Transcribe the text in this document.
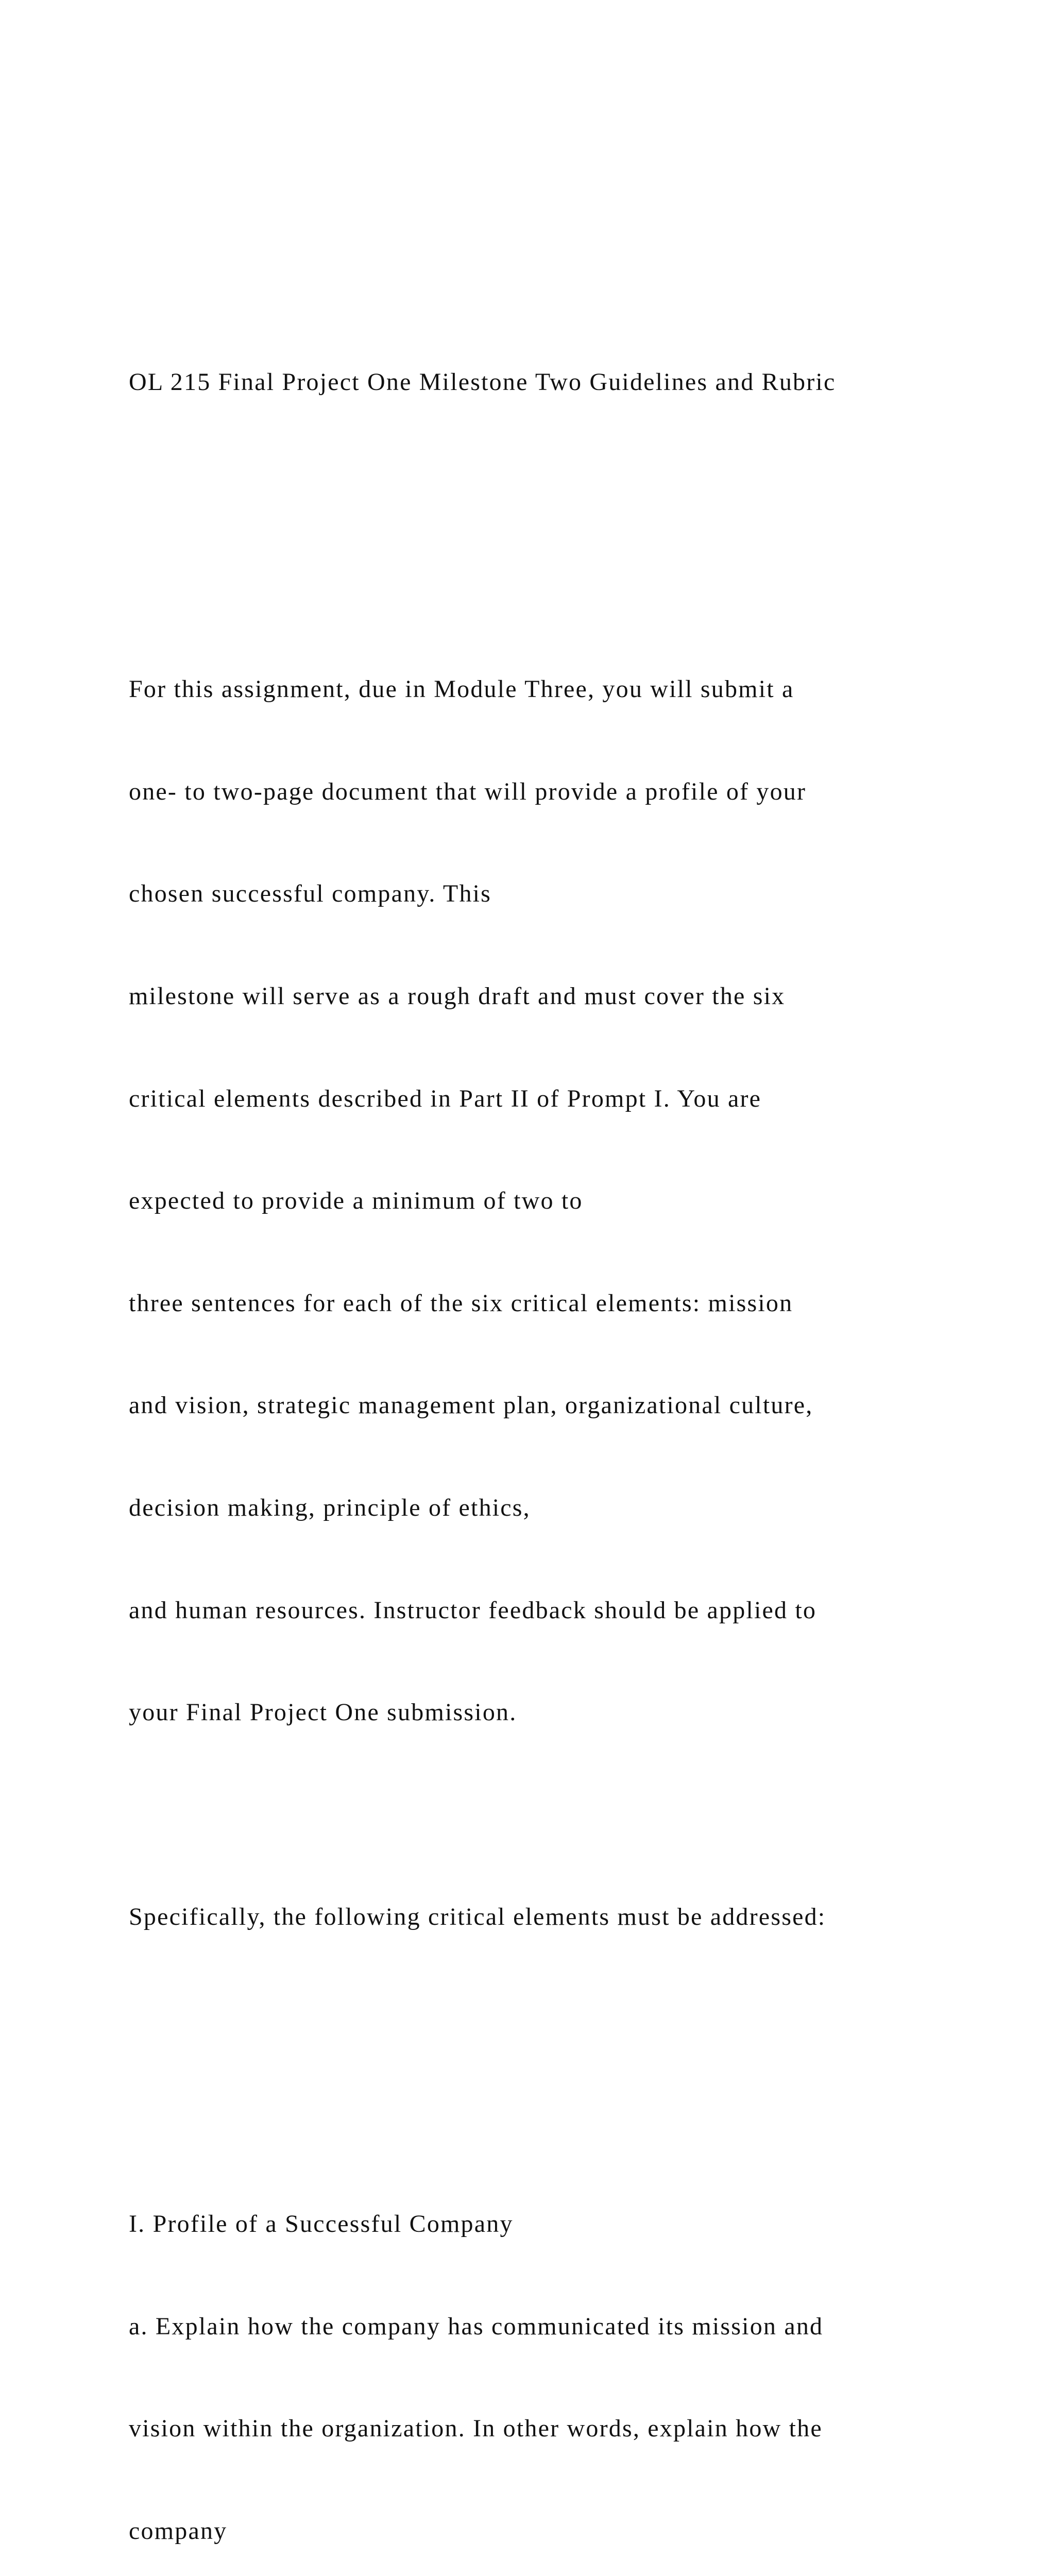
OL 215 Final Project One Milestone Two Guidelines and Rubric

For this assignment, due in Module Three, you will submit a

one- to two-page document that will provide a profile of your

chosen successful company. This

milestone will serve as a rough draft and must cover the six

critical elements described in Part II of Prompt I. You are

expected to provide a minimum of two to

three sentences for each of the six critical elements: mission

and vision, strategic management plan, organizational culture,

decision making, principle of ethics,

and human resources. Instructor feedback should be applied to

your Final Project One submission.

Specifically, the following critical elements must be addressed:

I. Profile of a Successful Company

a. Explain how the company has communicated its mission and

vision within the organization. In other words, explain how the

company
